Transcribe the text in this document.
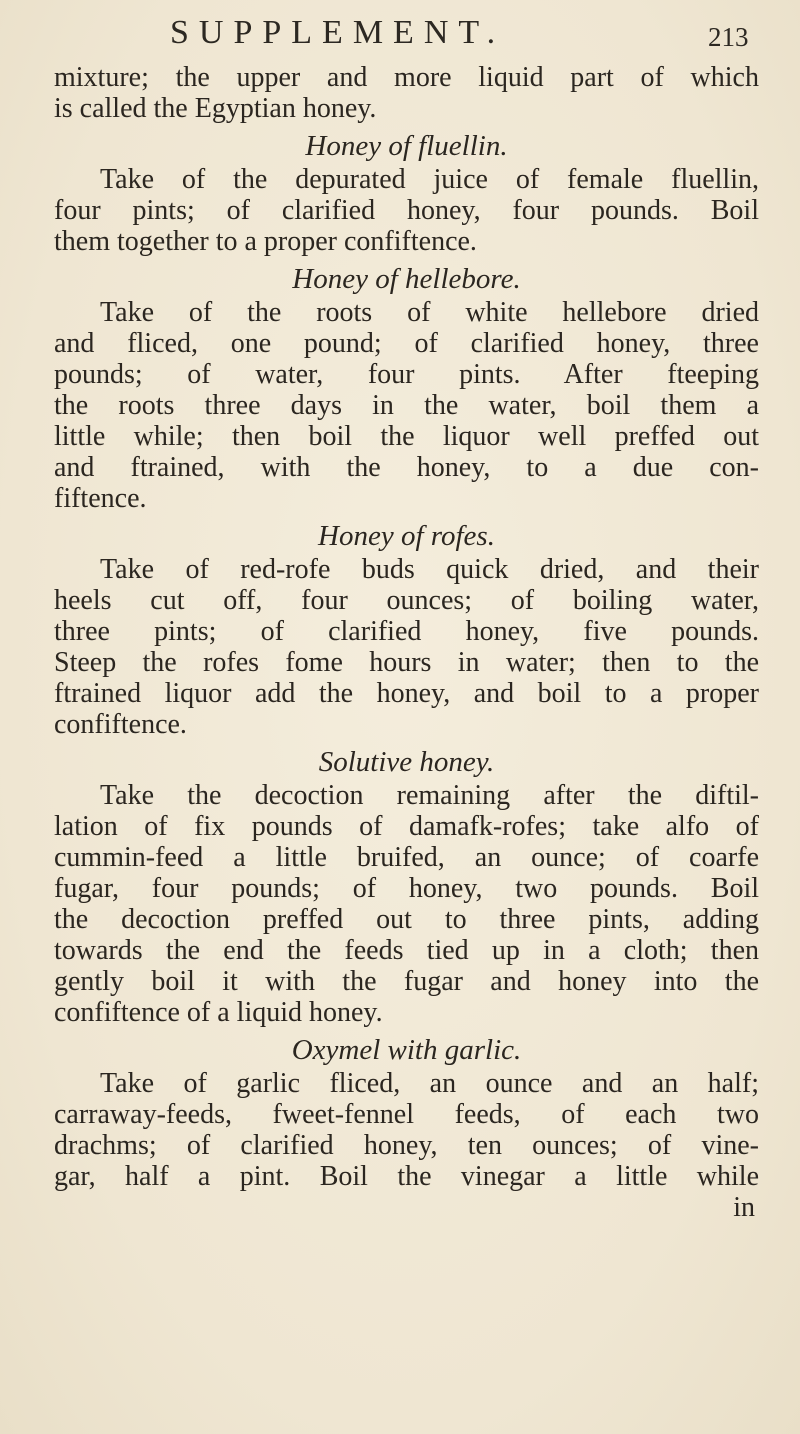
SUPPLEMENT.	213
mixture; the upper and more liquid part of which
is called the Egyptian honey.
Honey of fluellin.
Take of the depurated juice of female fluellin,
four pints; of clarified honey, four pounds. Boil
them together to a proper confiftence.
Honey of hellebore.
Take of the roots of white hellebore dried
and fliced, one pound; of clarified honey, three
pounds; of water, four pints. After fteeping
the roots three days in the water, boil them a
little while; then boil the liquor well preffed out
and ftrained, with the honey, to a due con-
fiftence.
Honey of rofes.
Take of red-rofe buds quick dried, and their
heels cut off, four ounces; of boiling water,
three pints; of clarified honey, five pounds.
Steep the rofes fome hours in water; then to the
ftrained liquor add the honey, and boil to a proper
confiftence.
Solutive honey.
Take the decoction remaining after the diftil-
lation of fix pounds of damafk-rofes; take alfo of
cummin-feed a little bruifed, an ounce; of coarfe
fugar, four pounds; of honey, two pounds. Boil
the decoction preffed out to three pints, adding
towards the end the feeds tied up in a cloth; then
gently boil it with the fugar and honey into the
confiftence of a liquid honey.
Oxymel with garlic.
Take of garlic fliced, an ounce and an half;
carraway-feeds, fweet-fennel feeds, of each two
drachms; of clarified honey, ten ounces; of vine-
gar, half a pint. Boil the vinegar a little while
in
